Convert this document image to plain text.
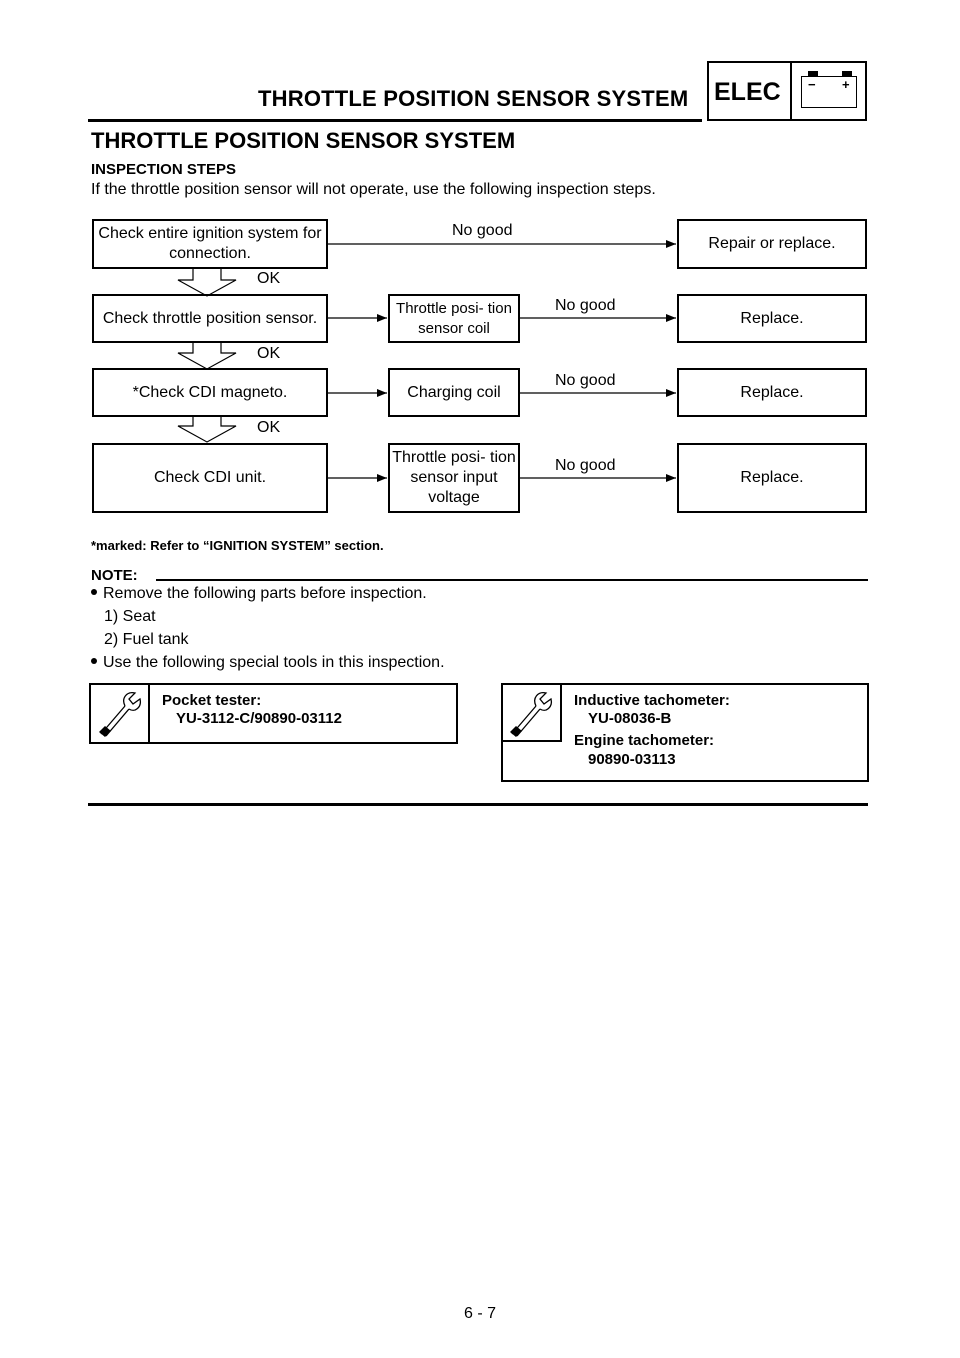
THROTTLE POSITION SENSOR SYSTEM ELEC − +
THROTTLE POSITION SENSOR SYSTEM
INSPECTION STEPS
If the throttle position sensor will not operate, use the following inspection steps.
Check entire ignition system for connection.
Repair or replace.
Check throttle position sensor.
Throttle posi- tion sensor coil
Replace.
*Check CDI magneto.	Charging coil	Replace.
Check CDI unit.
Throttle posi- tion sensor input voltage
Replace.
No good
No good
No good
No good
OK
OK
OK
*marked: Refer to “IGNITION SYSTEM” section.
NOTE:
Remove the following parts before inspection.
1) Seat
2) Fuel tank
Use the following special tools in this inspection.
Pocket tester:
YU-3112-C/90890-03112
Inductive tachometer:
YU-08036-B
Engine tachometer:
90890-03113
6 - 7
